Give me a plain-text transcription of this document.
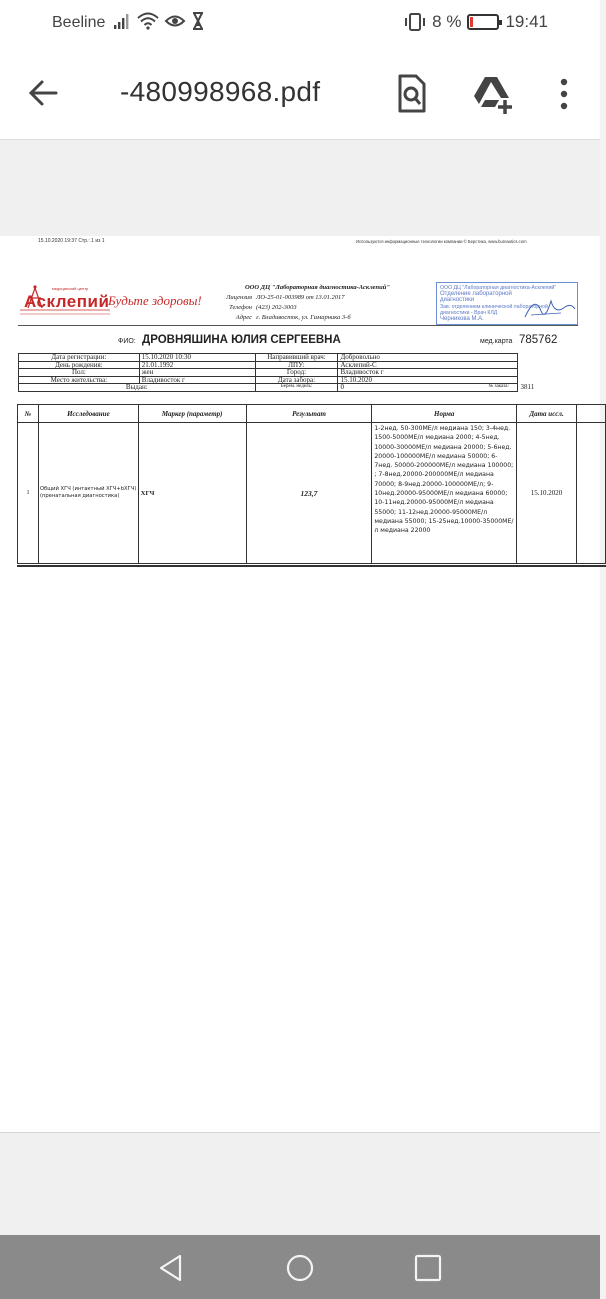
Beeline	8 %	19:41
-480998968.pdf
15.10.2020 19:37 Стр.: 1 из 1	Используются информационные технологии компании © Берстика, www.bureautics.com
медицинский центр
Асклепий
Будьте здоровы!
ООО ДЦ "Лабораторная диагностика-Асклепий"
Лицензия ЛО-25-01-003989 от 13.01.2017
Телефон (423) 202-3003
Адрес г. Владивосток, ул. Гамарника 3-б
ООО ДЦ "Лабораторная диагностика-Асклепий"
Отделение лабораторной
диагностики
Зав. отделением клинической лабораторной
диагностики - Врач КЛД
Черникова М.А.
ФИО: ДРОВНЯШИНА ЮЛИЯ СЕРГЕЕВНА	мед.карта 785762
Дата регистрации:	15.10.2020 10:30	Направивший врач:	Добровольно
День рождения:	21.01.1992	ЛПУ:	Асклепий-С
Пол:	жен	Город:	Владивосток г
Место жительства:	Владивосток г	Дата забора:	15.10.2020
Выдан:		Берем. недель:	0 № заказа: 3811
№	Исследование	Маркер (параметр)	Результат	Норма	Дата иссл.	
1	Общий ХГЧ (интактный ХГЧ+bХГЧ) (пренатальная диагностика)	ХГЧ	123,7	1-2нед. 50-300МЕ/л медиана 150; 3-4нед. 1500-5000МЕ/л медиана 2000; 4-5нед. 10000-30000МЕ/л медиана 20000; 5-6нед. 20000-100000МЕ/л медиана 50000; 6-7нед. 50000-200000МЕ/л медиана 100000; ; 7-8нед.20000-200000МЕ/л медиана 70000; 8-9нед.20000-100000МЕ/л; 9-10нед.20000-95000МЕ/л медиана 60000; 10-11нед.20000-95000МЕ/л медиана 55000; 11-12нед.20000-95000МЕ/л медиана 55000; 15-25нед.10000-35000МЕ/л медиана 22000	15.10.2020	
